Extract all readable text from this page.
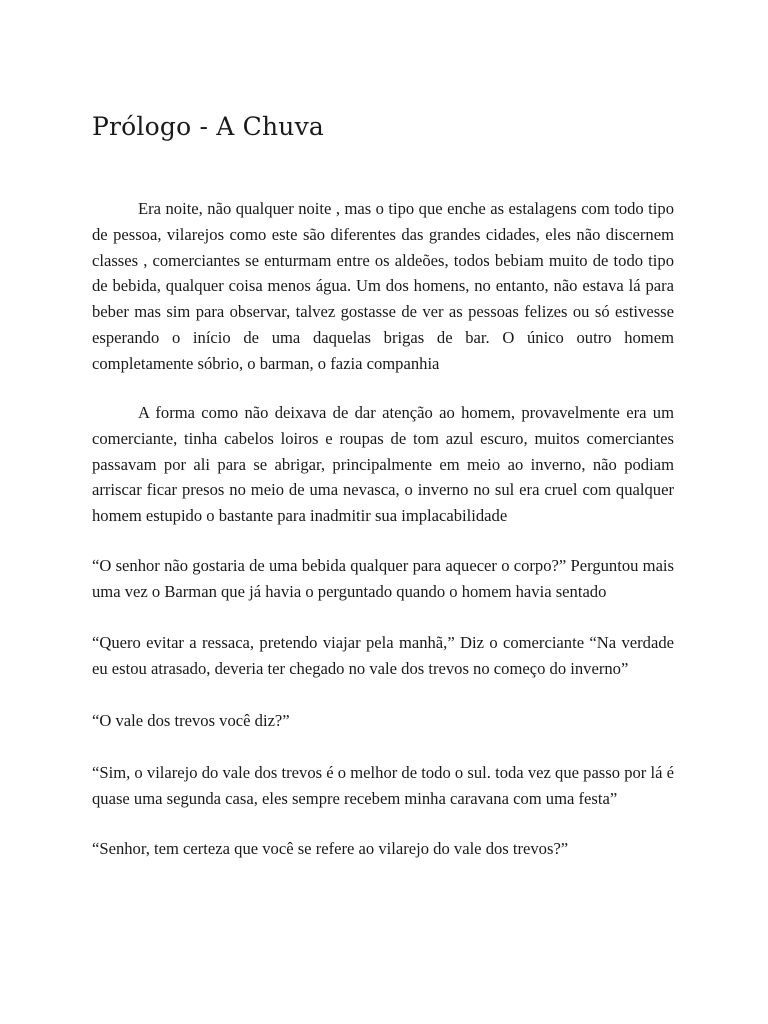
Prólogo - A Chuva

Era noite, não qualquer noite , mas o tipo que enche as estalagens com todo tipo de pessoa, vilarejos como este são diferentes das grandes cidades, eles não discernem classes , comerciantes se enturmam entre os aldeões, todos bebiam muito de todo tipo de bebida, qualquer coisa menos água. Um dos homens, no entanto, não estava lá para beber mas sim para observar, talvez gostasse de ver as pessoas felizes ou só estivesse esperando o início de uma daquelas brigas de bar. O único outro homem completamente sóbrio, o barman, o fazia companhia

A forma como não deixava de dar atenção ao homem, provavelmente era um comerciante, tinha cabelos loiros e roupas de tom azul escuro, muitos comerciantes passavam por ali para se abrigar, principalmente em meio ao inverno, não podiam arriscar ficar presos no meio de uma nevasca, o inverno no sul era cruel com qualquer homem estupido o bastante para inadmitir sua implacabilidade

“O senhor não gostaria de uma bebida qualquer para aquecer o corpo?” Perguntou mais uma vez o Barman que já havia o perguntado quando o homem havia sentado

“Quero evitar a ressaca, pretendo viajar pela manhã,” Diz o comerciante “Na verdade eu estou atrasado, deveria ter chegado no vale dos trevos no começo do inverno”

“O vale dos trevos você diz?”

“Sim, o vilarejo do vale dos trevos é o melhor de todo o sul. toda vez que passo por lá é quase uma segunda casa, eles sempre recebem minha caravana com uma festa”

“Senhor, tem certeza que você se refere ao vilarejo do vale dos trevos?”
